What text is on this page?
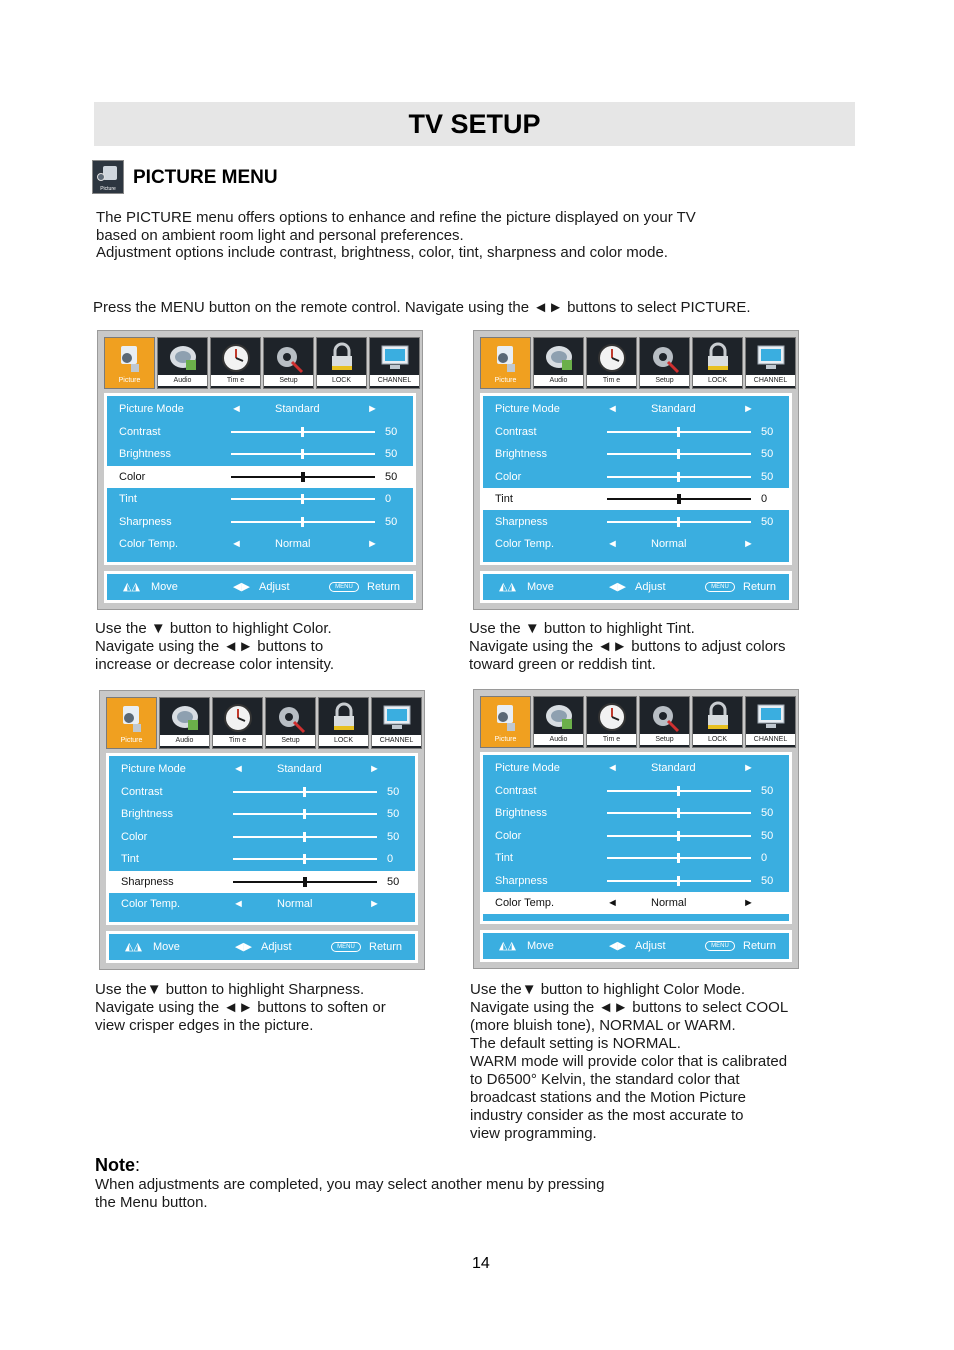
TV SETUP
Picture
PICTURE MENU
The PICTURE menu offers options to enhance and refine the picture displayed on your TV
based on ambient room light and personal preferences.
Adjustment options include contrast, brightness, color, tint, sharpness and color mode.
Press the MENU button on the remote control. Navigate using the ◄► buttons to select PICTURE.
Picture	Audio	Tim e	Setup	LOCK	CHANNEL
Picture Mode	◄	Standard	►
Contrast	50
Brightness	50
Color	50
Tint	0
Sharpness	50
Color Temp.	◄	Normal	►
◭◮ Move	◀▶ Adjust	MENU	Return
Picture	Audio	Tim e	Setup	LOCK	CHANNEL
Picture Mode	◄	Standard	►
Contrast	50
Brightness	50
Color	50
Tint	0
Sharpness	50
Color Temp.	◄	Normal	►
◭◮ Move	◀▶ Adjust	MENU	Return
Use the ▼ button to highlight Color.
Navigate using the ◄► buttons to
increase or decrease color intensity.
Use the ▼ button to highlight Tint.
Navigate using the ◄► buttons to adjust colors
toward green or reddish tint.
Picture	Audio	Tim e	Setup	LOCK	CHANNEL
Picture Mode	◄	Standard	►
Contrast	50
Brightness	50
Color	50
Tint	0
Sharpness	50
Color Temp.	◄	Normal	►
◭◮ Move	◀▶ Adjust	MENU	Return
Picture	Audio	Tim e	Setup	LOCK	CHANNEL
Picture Mode	◄	Standard	►
Contrast	50
Brightness	50
Color	50
Tint	0
Sharpness	50
Color Temp.	◄	Normal	►
◭◮ Move	◀▶ Adjust	MENU	Return
Use the▼ button to highlight Sharpness.
Navigate using the ◄► buttons to soften or
view crisper edges in the picture.
Use the▼ button to highlight Color Mode.
Navigate using the ◄► buttons to select COOL
(more bluish tone), NORMAL or WARM.
The default setting is NORMAL.
WARM mode will provide color that is calibrated
to D6500° Kelvin, the standard color that
broadcast stations and the Motion Picture
industry consider as the most accurate to
view programming.
Note:
When adjustments are completed, you may select another menu by pressing
the Menu button.
14
